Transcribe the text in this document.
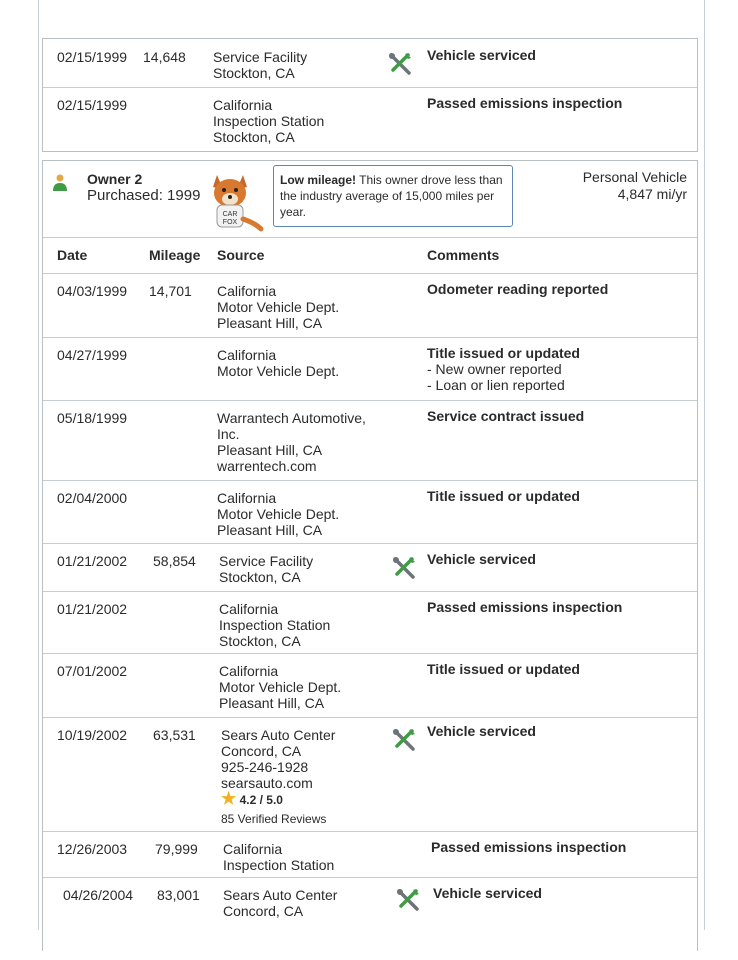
02/15/1999 14,648 Service Facility
Stockton, CA
Vehicle serviced
02/15/1999	California
Inspection Station
Stockton, CA
Passed emissions inspection
Owner 2
Purchased: 1999
CAR
FOX
Low mileage! This owner drove less than the industry average of 15,000 miles per year.
Personal Vehicle
4,847 mi/yr
Date	Mileage Source	Comments
04/03/1999 14,701 California
Motor Vehicle Dept.
Pleasant Hill, CA
Odometer reading reported
04/27/1999	California
Motor Vehicle Dept.
Title issued or updated
- New owner reported
- Loan or lien reported
05/18/1999	Warrantech Automotive,
Inc.
Pleasant Hill, CA
warrentech.com
Service contract issued
02/04/2000	California
Motor Vehicle Dept.
Pleasant Hill, CA
Title issued or updated
01/21/2002 58,854 Service Facility
Stockton, CA
Vehicle serviced
01/21/2002	California
Inspection Station
Stockton, CA
Passed emissions inspection
07/01/2002	California
Motor Vehicle Dept.
Pleasant Hill, CA
Title issued or updated
10/19/2002 63,531 Sears Auto Center
Concord, CA
925-246-1928
searsauto.com
★ 4.2 / 5.0
85 Verified Reviews
Vehicle serviced
12/26/2003 79,999 California
Inspection Station
Passed emissions inspection
04/26/2004 83,001 Sears Auto Center
Concord, CA
Vehicle serviced
